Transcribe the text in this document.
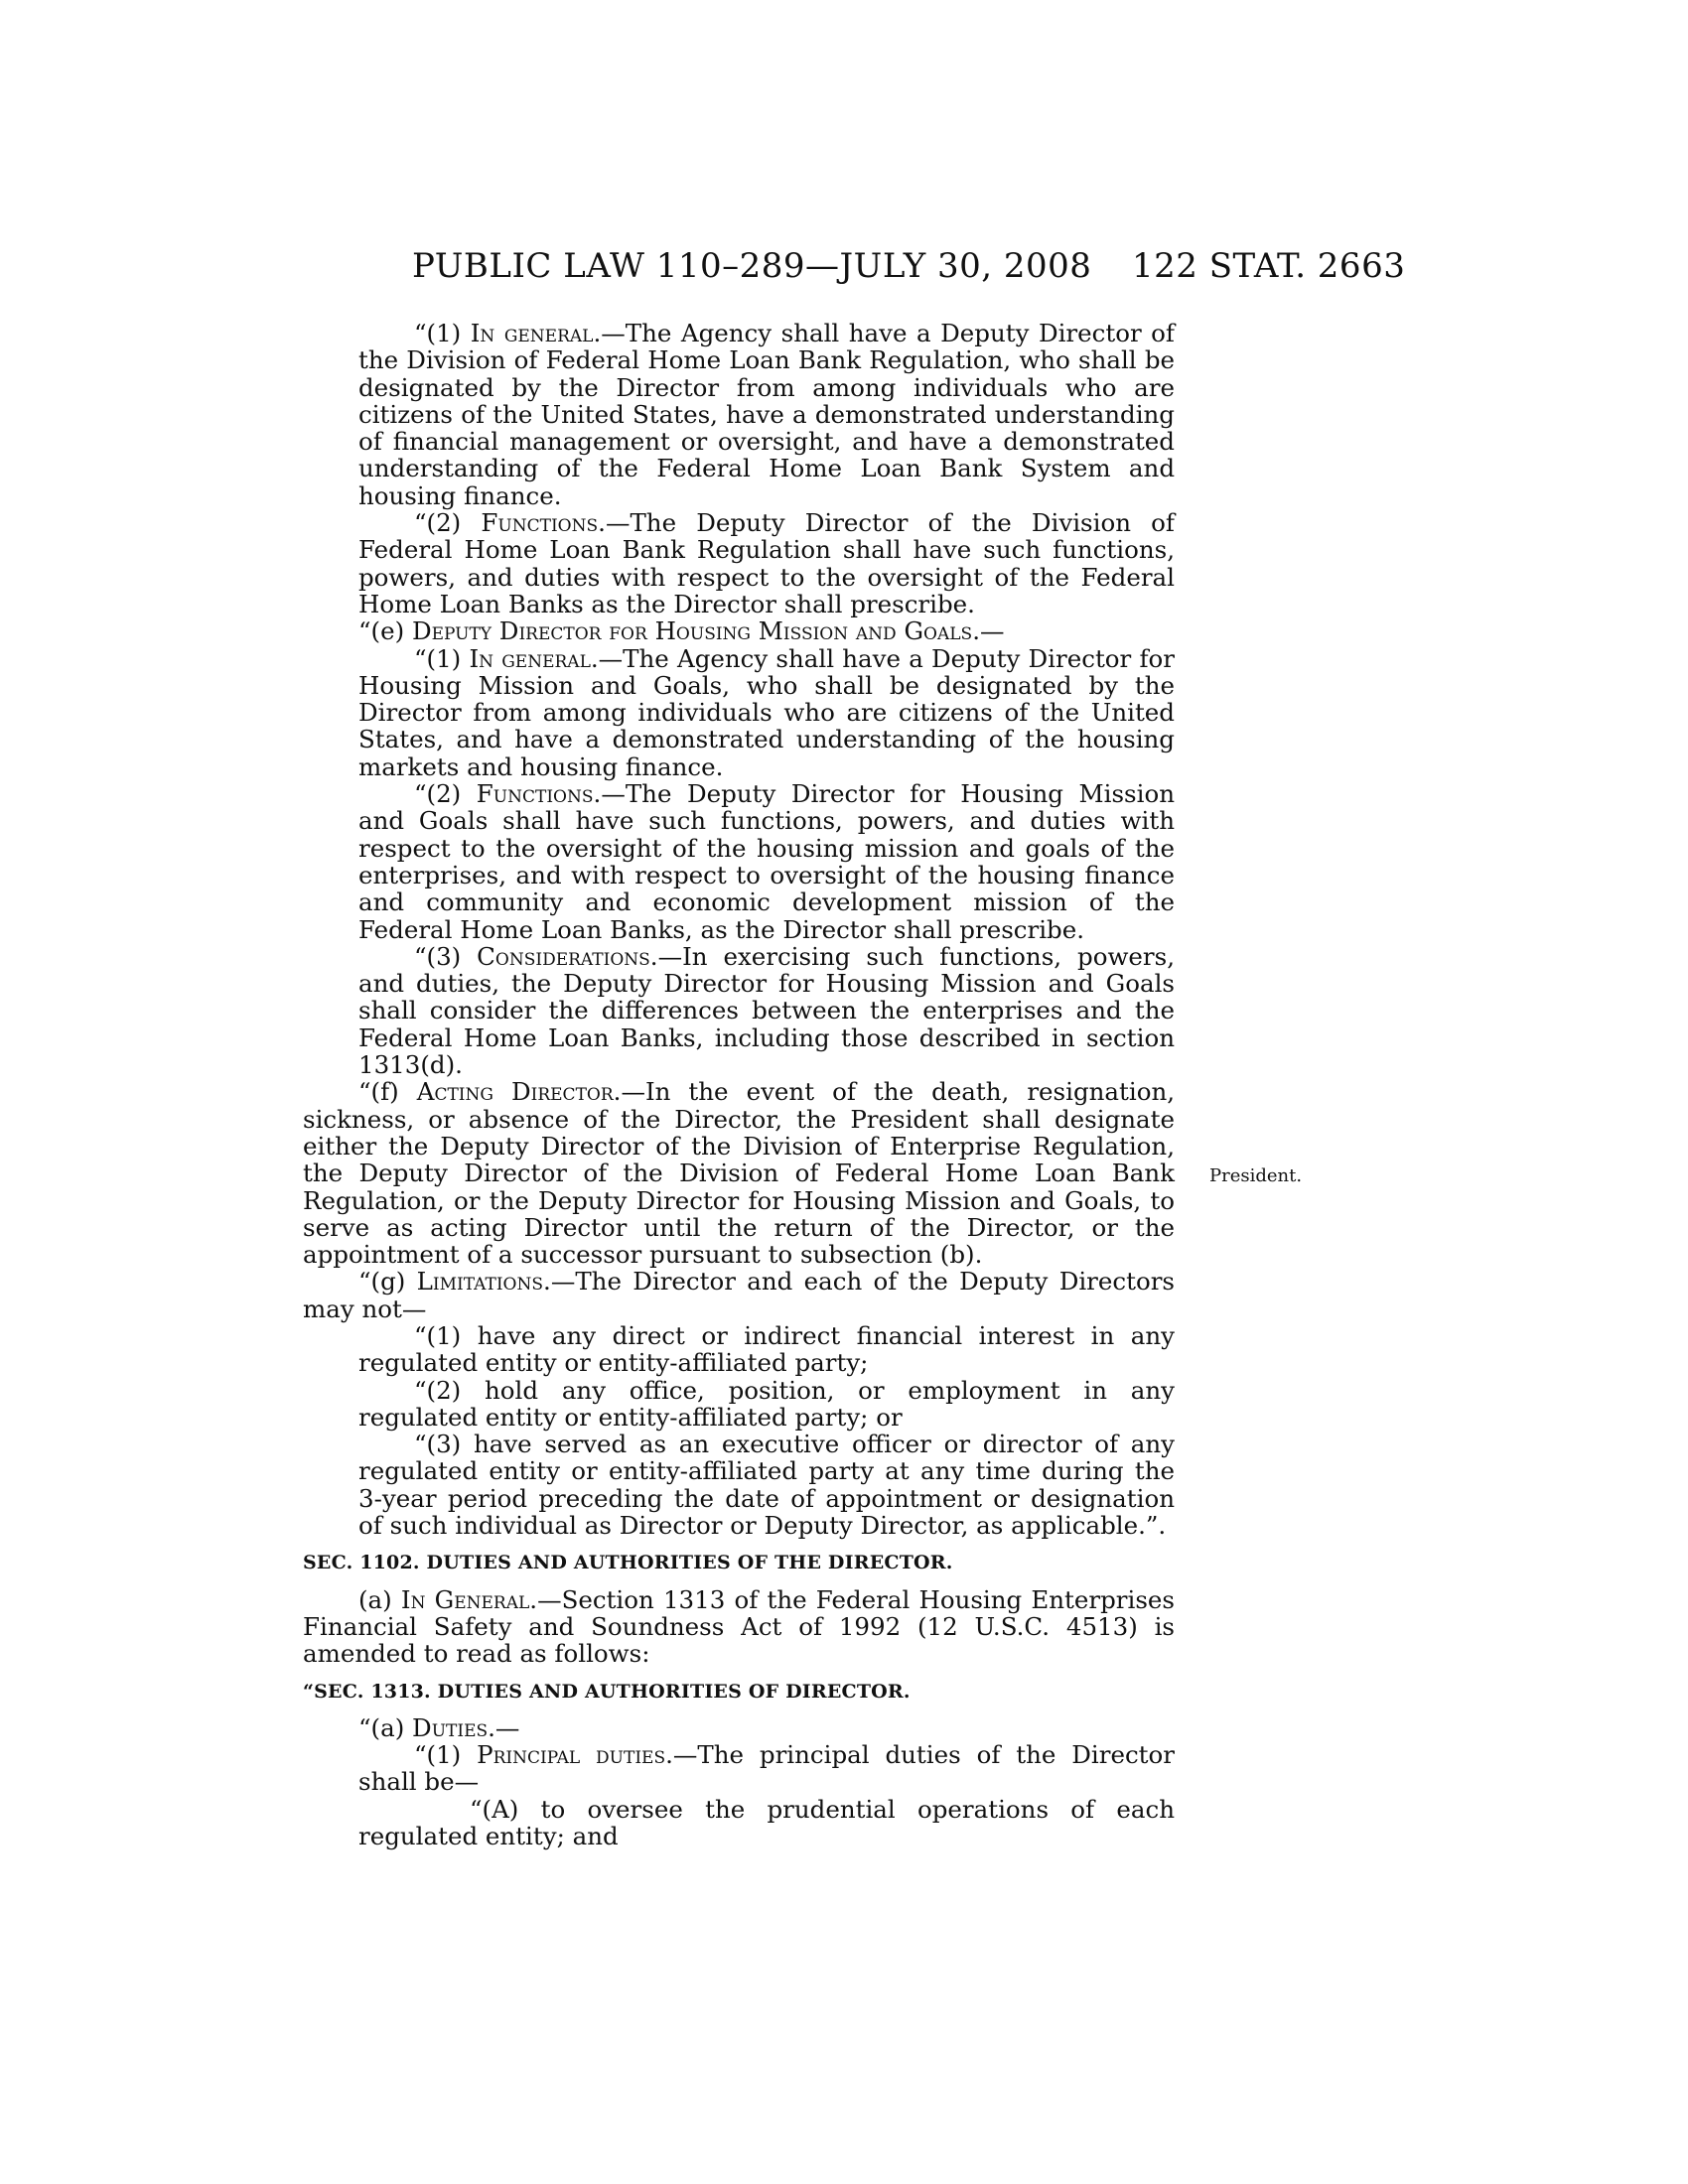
PUBLIC LAW 110–289—JULY 30, 2008 122 STAT. 2663

“(1) In general.—The Agency shall have a Deputy Director of the Division of Federal Home Loan Bank Regulation, who shall be designated by the Director from among individuals who are citizens of the United States, have a demonstrated understanding of financial management or oversight, and have a demonstrated understanding of the Federal Home Loan Bank System and housing finance.

“(2) Functions.—The Deputy Director of the Division of Federal Home Loan Bank Regulation shall have such functions, powers, and duties with respect to the oversight of the Federal Home Loan Banks as the Director shall prescribe.

“(e) Deputy Director for Housing Mission and Goals.—

“(1) In general.—The Agency shall have a Deputy Director for Housing Mission and Goals, who shall be designated by the Director from among individuals who are citizens of the United States, and have a demonstrated understanding of the housing markets and housing finance.

“(2) Functions.—The Deputy Director for Housing Mission and Goals shall have such functions, powers, and duties with respect to the oversight of the housing mission and goals of the enterprises, and with respect to oversight of the housing finance and community and economic development mission of the Federal Home Loan Banks, as the Director shall prescribe.

“(3) Considerations.—In exercising such functions, powers, and duties, the Deputy Director for Housing Mission and Goals shall consider the differences between the enterprises and the Federal Home Loan Banks, including those described in section 1313(d).

“(f) Acting Director.—In the event of the death, resignation, sickness, or absence of the Director, the President shall designate either the Deputy Director of the Division of Enterprise Regulation, the Deputy Director of the Division of Federal Home Loan Bank Regulation, or the Deputy Director for Housing Mission and Goals, to serve as acting Director until the return of the Director, or the appointment of a successor pursuant to subsection (b).

“(g) Limitations.—The Director and each of the Deputy Directors may not—

“(1) have any direct or indirect financial interest in any regulated entity or entity-affiliated party;

“(2) hold any office, position, or employment in any regulated entity or entity-affiliated party; or

“(3) have served as an executive officer or director of any regulated entity or entity-affiliated party at any time during the 3-year period preceding the date of appointment or designation of such individual as Director or Deputy Director, as applicable.”.

SEC. 1102. DUTIES AND AUTHORITIES OF THE DIRECTOR.

(a) In General.—Section 1313 of the Federal Housing Enterprises Financial Safety and Soundness Act of 1992 (12 U.S.C. 4513) is amended to read as follows:

“SEC. 1313. DUTIES AND AUTHORITIES OF DIRECTOR.

“(a) Duties.—

“(1) Principal duties.—The principal duties of the Director shall be—

“(A) to oversee the prudential operations of each regulated entity; and

President.
